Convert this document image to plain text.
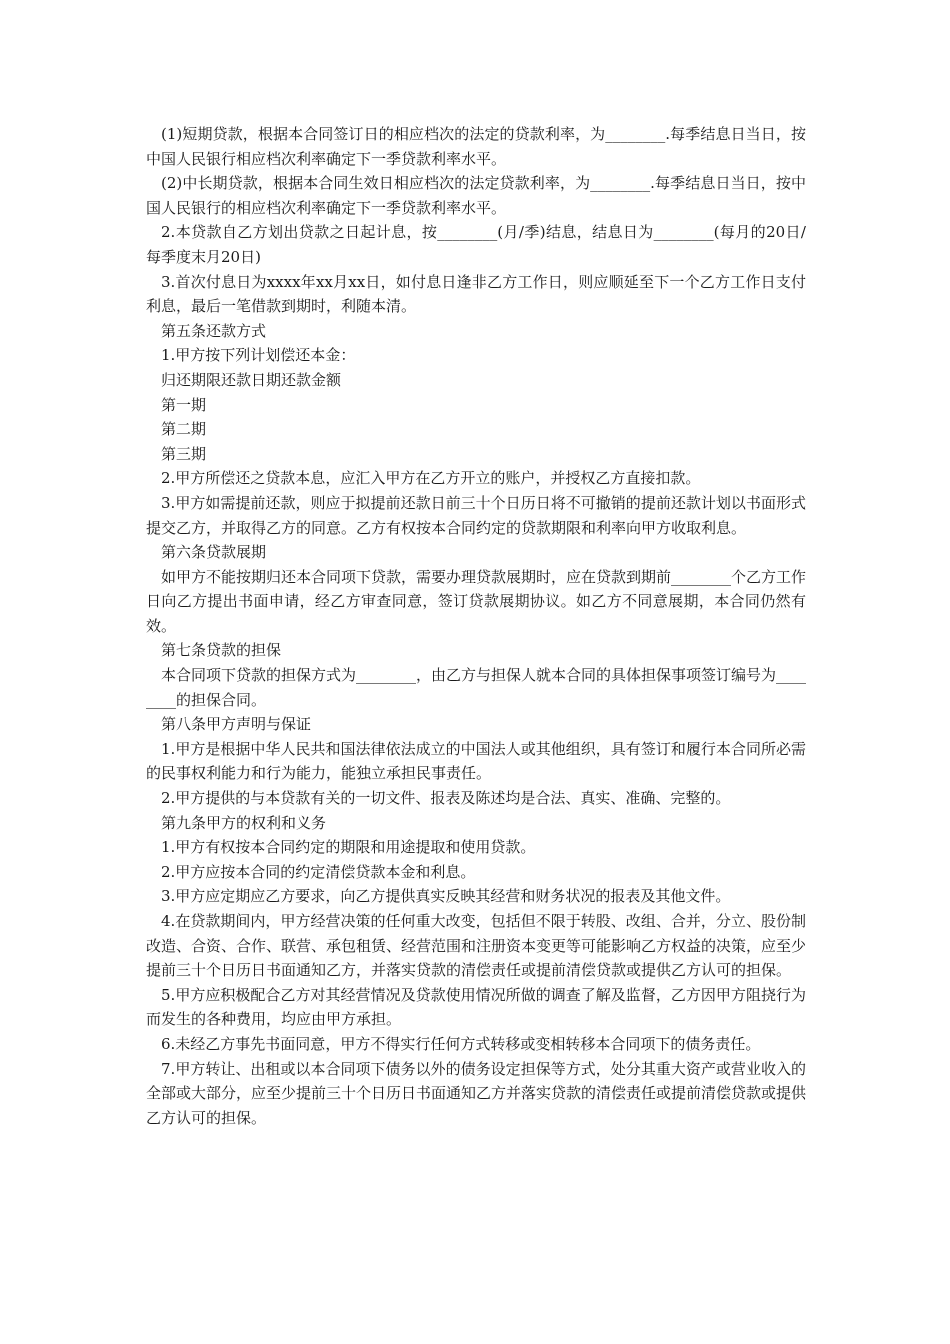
(1)短期贷款，根据本合同签订日的相应档次的法定的贷款利率，为________.每季结息日当日，按中国人民银行相应档次利率确定下一季贷款利率水平。

(2)中长期贷款，根据本合同生效日相应档次的法定贷款利率，为________.每季结息日当日，按中国人民银行的相应档次利率确定下一季贷款利率水平。

2.本贷款自乙方划出贷款之日起计息，按________(月/季)结息，结息日为________(每月的20日/每季度末月20日)

3.首次付息日为xxxx年xx月xx日，如付息日逢非乙方工作日，则应顺延至下一个乙方工作日支付利息，最后一笔借款到期时，利随本清。

第五条还款方式

1.甲方按下列计划偿还本金：

归还期限还款日期还款金额

第一期

第二期

第三期

2.甲方所偿还之贷款本息，应汇入甲方在乙方开立的账户，并授权乙方直接扣款。

3.甲方如需提前还款，则应于拟提前还款日前三十个日历日将不可撤销的提前还款计划以书面形式提交乙方，并取得乙方的同意。乙方有权按本合同约定的贷款期限和利率向甲方收取利息。

第六条贷款展期

如甲方不能按期归还本合同项下贷款，需要办理贷款展期时，应在贷款到期前________个乙方工作日向乙方提出书面申请，经乙方审查同意，签订贷款展期协议。如乙方不同意展期，本合同仍然有效。

第七条贷款的担保

本合同项下贷款的担保方式为________，由乙方与担保人就本合同的具体担保事项签订编号为________的担保合同。

第八条甲方声明与保证

1.甲方是根据中华人民共和国法律依法成立的中国法人或其他组织，具有签订和履行本合同所必需的民事权利能力和行为能力，能独立承担民事责任。

2.甲方提供的与本贷款有关的一切文件、报表及陈述均是合法、真实、准确、完整的。

第九条甲方的权利和义务

1.甲方有权按本合同约定的期限和用途提取和使用贷款。

2.甲方应按本合同的约定清偿贷款本金和利息。

3.甲方应定期应乙方要求，向乙方提供真实反映其经营和财务状况的报表及其他文件。

4.在贷款期间内，甲方经营决策的任何重大改变，包括但不限于转股、改组、合并，分立、股份制改造、合资、合作、联营、承包租赁、经营范围和注册资本变更等可能影响乙方权益的决策，应至少提前三十个日历日书面通知乙方，并落实贷款的清偿责任或提前清偿贷款或提供乙方认可的担保。

5.甲方应积极配合乙方对其经营情况及贷款使用情况所做的调查了解及监督，乙方因甲方阻挠行为而发生的各种费用，均应由甲方承担。

6.未经乙方事先书面同意，甲方不得实行任何方式转移或变相转移本合同项下的债务责任。

7.甲方转让、出租或以本合同项下债务以外的债务设定担保等方式，处分其重大资产或营业收入的全部或大部分，应至少提前三十个日历日书面通知乙方并落实贷款的清偿责任或提前清偿贷款或提供乙方认可的担保。
